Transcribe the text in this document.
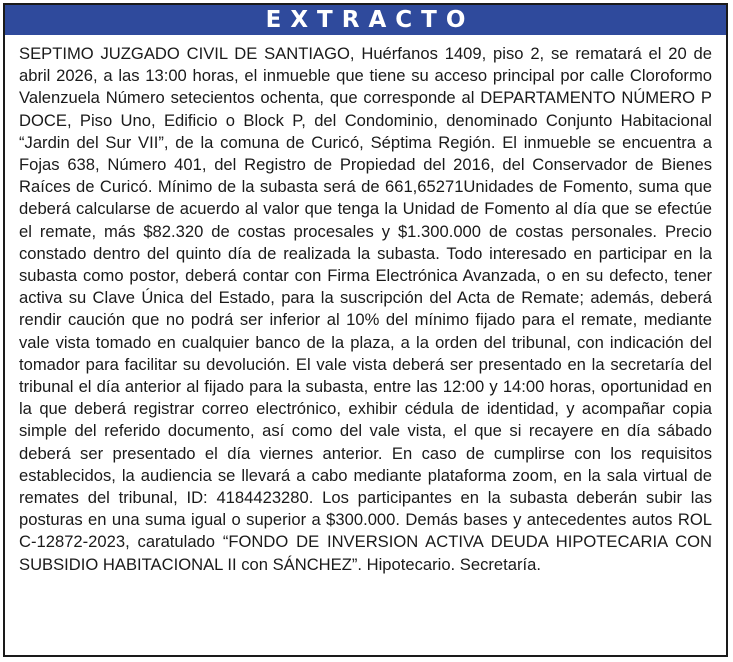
EXTRACTO

SEPTIMO JUZGADO CIVIL DE SANTIAGO, Huérfanos 1409, piso 2, se rematará el 20 de abril 2026, a las 13:00 horas, el inmueble que tiene su acceso principal por calle Cloroformo Valenzuela Número setecientos ochenta, que corresponde al DEPARTAMENTO NÚMERO P DOCE, Piso Uno, Edificio o Block P, del Condominio, denominado Conjunto Habitacional “Jardin del Sur VII”, de la comuna de Curicó, Séptima Región. El inmueble se encuentra a Fojas 638, Número 401, del Registro de Propiedad del 2016, del Conservador de Bienes Raíces de Curicó. Mínimo de la subasta será de 661,65271Unidades de Fomento, suma que deberá calcularse de acuerdo al valor que tenga la Unidad de Fomento al día que se efectúe el remate, más $82.320 de costas procesales y $1.300.000 de costas personales. Precio constado dentro del quinto día de realizada la subasta. Todo interesado en participar en la subasta como postor, deberá contar con Firma Electrónica Avanzada, o en su defecto, tener activa su Clave Única del Estado, para la suscripción del Acta de Remate; además, deberá rendir caución que no podrá ser inferior al 10% del mínimo fijado para el remate, mediante vale vista tomado en cualquier banco de la plaza, a la orden del tribunal, con indicación del tomador para facilitar su devolución. El vale vista deberá ser presentado en la secretaría del tribunal el día anterior al fijado para la subasta, entre las 12:00 y 14:00 horas, oportunidad en la que deberá registrar correo electrónico, exhibir cédula de identidad, y acompañar copia simple del referido documento, así como del vale vista, el que si recayere en día sábado deberá ser presentado el día viernes anterior. En caso de cumplirse con los requisitos establecidos, la audiencia se llevará a cabo mediante plataforma zoom, en la sala virtual de remates del tribunal, ID: 4184423280. Los participantes en la subasta deberán subir las posturas en una suma igual o superior a $300.000. Demás bases y antecedentes autos ROL C-12872-2023, caratulado “FONDO DE INVERSION ACTIVA DEUDA HIPOTECARIA CON SUBSIDIO HABITACIONAL II con SÁNCHEZ”. Hipotecario. Secretaría.
